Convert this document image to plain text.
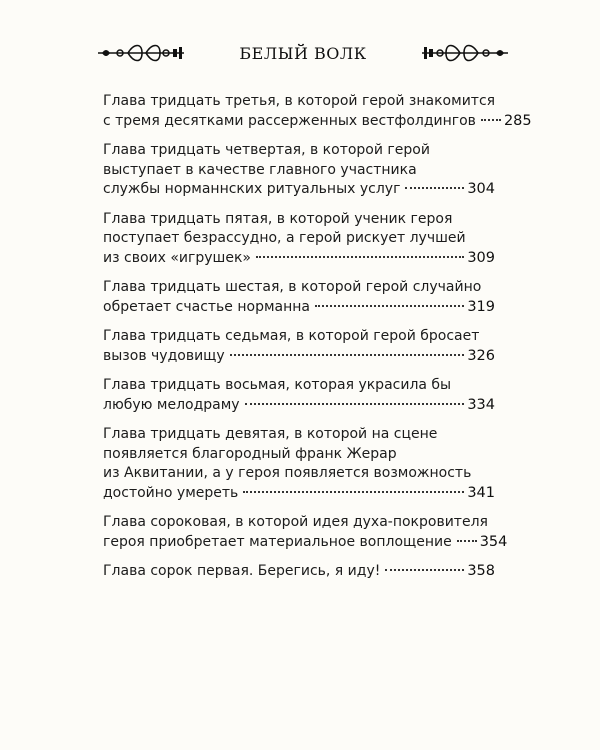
БЕЛЫЙ ВОЛК
Глава тридцать третья, в которой герой знакомится
с тремя десятками рассерженных вестфолдингов 285
Глава тридцать четвертая, в которой герой
выступает в качестве главного участника
службы норманнских ритуальных услуг	304
Глава тридцать пятая, в которой ученик героя
поступает безрассудно, а герой рискует лучшей
из своих «игрушек»	309
Глава тридцать шестая, в которой герой случайно
обретает счастье норманна	319
Глава тридцать седьмая, в которой герой бросает
вызов чудовищу	326
Глава тридцать восьмая, которая украсила бы
любую мелодраму	334
Глава тридцать девятая, в которой на сцене
появляется благородный франк Жерар
из Аквитании, а у героя появляется возможность
достойно умереть	341
Глава сороковая, в которой идея духа-покровителя
героя приобретает материальное воплощение 354
Глава сорок первая. Берегись, я иду!	358
